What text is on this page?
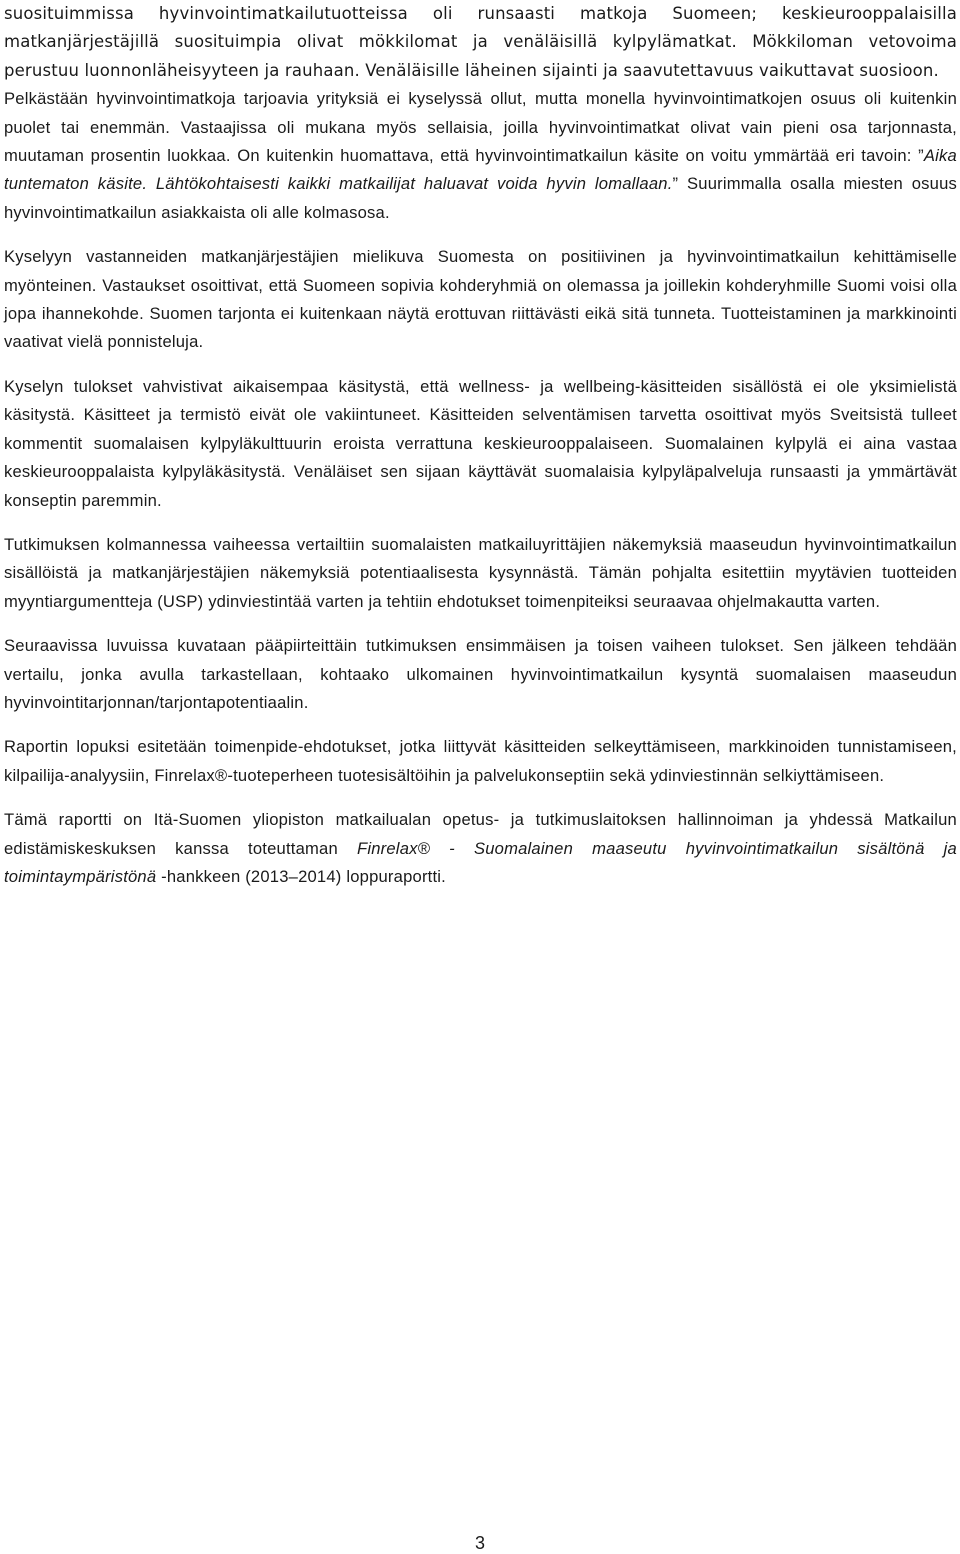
suosituimmissa hyvinvointimatkailutuotteissa oli runsaasti matkoja Suomeen; keskieurooppalaisilla matkanjärjestäjillä suosituimpia olivat mökkilomat ja venäläisillä kylpylämatkat. Mökkiloman vetovoima perustuu luonnonläheisyyteen ja rauhaan. Venäläisille läheinen sijainti ja saavutettavuus vaikuttavat suosioon.

Pelkästään hyvinvointimatkoja tarjoavia yrityksiä ei kyselyssä ollut, mutta monella hyvinvointimatkojen osuus oli kuitenkin puolet tai enemmän. Vastaajissa oli mukana myös sellaisia, joilla hyvinvointimatkat olivat vain pieni osa tarjonnasta, muutaman prosentin luokkaa. On kuitenkin huomattava, että hyvinvointimatkailun käsite on voitu ymmärtää eri tavoin: ”Aika tuntematon käsite. Lähtökohtaisesti kaikki matkailijat haluavat voida hyvin lomallaan.” Suurimmalla osalla miesten osuus hyvinvointimatkailun asiakkaista oli alle kolmasosa.

Kyselyyn vastanneiden matkanjärjestäjien mielikuva Suomesta on positiivinen ja hyvinvointimatkailun kehittämiselle myönteinen. Vastaukset osoittivat, että Suomeen sopivia kohderyhmiä on olemassa ja joillekin kohderyhmille Suomi voisi olla jopa ihannekohde. Suomen tarjonta ei kuitenkaan näytä erottuvan riittävästi eikä sitä tunneta. Tuotteistaminen ja markkinointi vaativat vielä ponnisteluja.

Kyselyn tulokset vahvistivat aikaisempaa käsitystä, että wellness- ja wellbeing-käsitteiden sisällöstä ei ole yksimielistä käsitystä. Käsitteet ja termistö eivät ole vakiintuneet. Käsitteiden selventämisen tarvetta osoittivat myös Sveitsistä tulleet kommentit suomalaisen kylpyläkulttuurin eroista verrattuna keskieurooppalaiseen. Suomalainen kylpylä ei aina vastaa keskieurooppalaista kylpyläkäsitystä. Venäläiset sen sijaan käyttävät suomalaisia kylpyläpalveluja runsaasti ja ymmärtävät konseptin paremmin.

Tutkimuksen kolmannessa vaiheessa vertailtiin suomalaisten matkailuyrittäjien näkemyksiä maaseudun hyvinvointimatkailun sisällöistä ja matkanjärjestäjien näkemyksiä potentiaalisesta kysynnästä. Tämän pohjalta esitettiin myytävien tuotteiden myyntiargumentteja (USP) ydinviestintää varten ja tehtiin ehdotukset toimenpiteiksi seuraavaa ohjelmakautta varten.

Seuraavissa luvuissa kuvataan pääpiirteittäin tutkimuksen ensimmäisen ja toisen vaiheen tulokset. Sen jälkeen tehdään vertailu, jonka avulla tarkastellaan, kohtaako ulkomainen hyvinvointimatkailun kysyntä suomalaisen maaseudun hyvinvointitarjonnan/tarjontapotentiaalin.

Raportin lopuksi esitetään toimenpide-ehdotukset, jotka liittyvät käsitteiden selkeyttämiseen, markkinoiden tunnistamiseen, kilpailija-analyysiin, Finrelax®-tuoteperheen tuotesisältöihin ja palvelukonseptiin sekä ydinviestinnän selkiyttämiseen.

Tämä raportti on Itä-Suomen yliopiston matkailualan opetus- ja tutkimuslaitoksen hallinnoiman ja yhdessä Matkailun edistämiskeskuksen kanssa toteuttaman Finrelax® - Suomalainen maaseutu hyvinvointimatkailun sisältönä ja toimintaympäristönä -hankkeen (2013–2014) loppuraportti.

3
